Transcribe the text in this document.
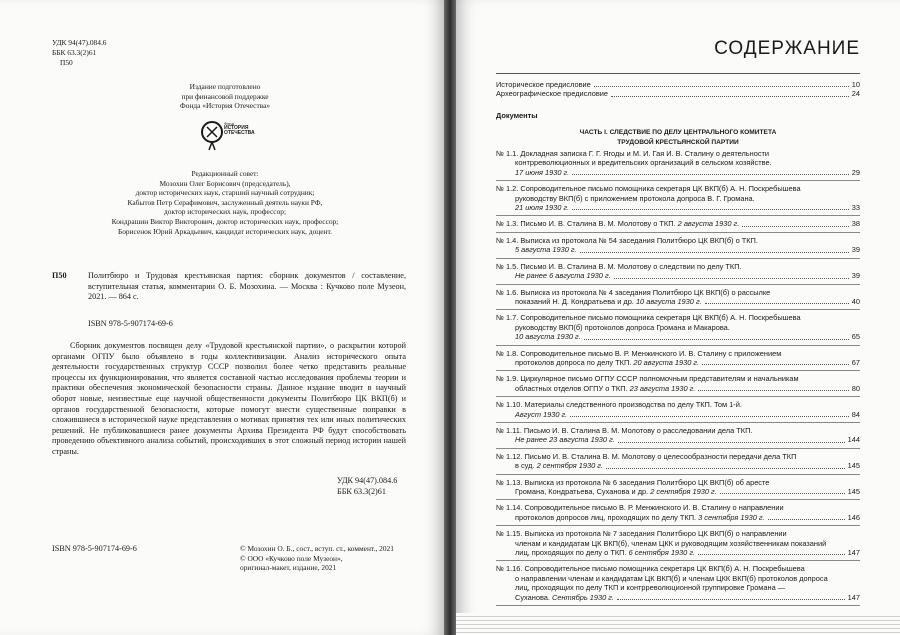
УДК 94(47).084.6
ББК 63.3(2)61
П50
Издание подготовлено
при финансовой поддержке
Фонда «История Отечества»
Фонд
ИСТОРИЯ
ОТЕЧЕСТВА
Редакционный совет:
Мозохин Олег Борисович (председатель),
доктор исторических наук, старший научный сотрудник;
Кабытов Петр Серафимович, заслуженный деятель науки РФ,
доктор исторических наук, профессор;
Кондрашин Виктор Викторович, доктор исторических наук, профессор;
Борисенок Юрий Аркадьевич, кандидат исторических наук, доцент.
П50	Политбюро и Трудовая крестьянская партия: сборник документов / составление, вступительная статья, комментарии О. Б. Мозохина. — Москва : Кучково поле Музеон, 2021. — 864 с.
ISBN 978-5-907174-69-6
Сборник документов посвящен делу «Трудовой крестьянской партии», о раскрытии которой органами ОГПУ было объявлено в годы коллективизации. Анализ исторического опыта деятельности государственных структур СССР позволил более четко представить реальные процессы их функционирования, что является составной частью исследования проблемы теории и практики обеспечения экономической безопасности страны. Данное издание вводит в научный оборот новые, неизвестные еще научной общественности документы Политбюро ЦК ВКП(б) и органов государственной безопасности, которые помогут внести существенные поправки в сложившиеся в исторической науке представления о мотивах принятия тех или иных политических решений. Не публиковавшиеся ранее документы Архива Президента РФ будут способствовать проведению объективного анализа событий, происходивших в этот сложный период истории нашей страны.
УДК 94(47).084.6
ББК 63.3(2)61
ISBN 978-5-907174-69-6	© Мозохин О. Б., сост., вступ. ст., коммент., 2021
© ООО «Кучково поле Музеон»,
оригинал-макет, издание, 2021
СОДЕРЖАНИЕ
Историческое предисловие	10
Археографическое предисловие	24
Документы
ЧАСТЬ I. СЛЕДСТВИЕ ПО ДЕЛУ ЦЕНТРАЛЬНОГО КОМИТЕТА
ТРУДОВОЙ КРЕСТЬЯНСКОЙ ПАРТИИ
№ 1.1. Докладная записка Г. Г. Ягоды и М. И. Гая И. В. Сталину о деятельности
контрреволюционных и вредительских организаций в сельском хозяйстве.
17 июня 1930 г.	29
№ 1.2. Сопроводительное письмо помощника секретаря ЦК ВКП(б) А. Н. Поскребышева
руководству ВКП(б) с приложением протокола допроса В. Г. Громана.
21 июля 1930 г.	33
№ 1.3. Письмо И. В. Сталина В. М. Молотову о ТКП. 2 августа 1930 г.	38
№ 1.4. Выписка из протокола № 54 заседания Политбюро ЦК ВКП(б) о ТКП.
5 августа 1930 г.	39
№ 1.5. Письмо И. В. Сталина В. М. Молотову о следствии по делу ТКП.
Не ранее 6 августа 1930 г.	39
№ 1.6. Выписка из протокола № 4 заседания Политбюро ЦК ВКП(б) о рассылке
показаний Н. Д. Кондратьева и др. 10 августа 1930 г.	40
№ 1.7. Сопроводительное письмо помощника секретаря ЦК ВКП(б) А. Н. Поскребышева
руководству ВКП(б) протоколов допроса Громана и Макарова.
10 августа 1930 г.	65
№ 1.8. Сопроводительное письмо В. Р. Менжинского И. В. Сталину с приложением
протоколов допроса по делу ТКП. 20 августа 1930 г.	67
№ 1.9. Циркулярное письмо ОГПУ СССР полномочным представителям и начальникам
областных отделов ОГПУ о ТКП. 23 августа 1930 г.	80
№ 1.10. Материалы следственного производства по делу ТКП. Том 1-й.
Август 1930 г.	84
№ 1.11. Письмо И. В. Сталина В. М. Молотову о расследовании дела ТКП.
Не ранее 23 августа 1930 г.	144
№ 1.12. Письмо И. В. Сталина В. М. Молотову о целесообразности передачи дела ТКП
в суд. 2 сентября 1930 г.	145
№ 1.13. Выписка из протокола № 6 заседания Политбюро ЦК ВКП(б) об аресте
Громана, Кондратьева, Суханова и др. 2 сентября 1930 г.	145
№ 1.14. Сопроводительное письмо В. Р. Менжинского И. В. Сталину о направлении
протоколов допросов лиц, проходящих по делу ТКП. 3 сентября 1930 г.	146
№ 1.15. Выписка из протокола № 7 заседания Политбюро ЦК ВКП(б) о направлении
членам и кандидатам ЦК ВКП(б), членам ЦКК и руководящим хозяйственникам показаний
лиц, проходящих по делу о ТКП. 6 сентября 1930 г.	147
№ 1.16. Сопроводительное письмо помощника секретаря ЦК ВКП(б) А. Н. Поскребышева
о направлении членам и кандидатам ЦК ВКП(б) и членам ЦКК ВКП(б) протоколов допроса
лиц, проходящих по делу ТКП и контрреволюционной группировке Громана —
Суханова. Сентябрь 1930 г.	147
